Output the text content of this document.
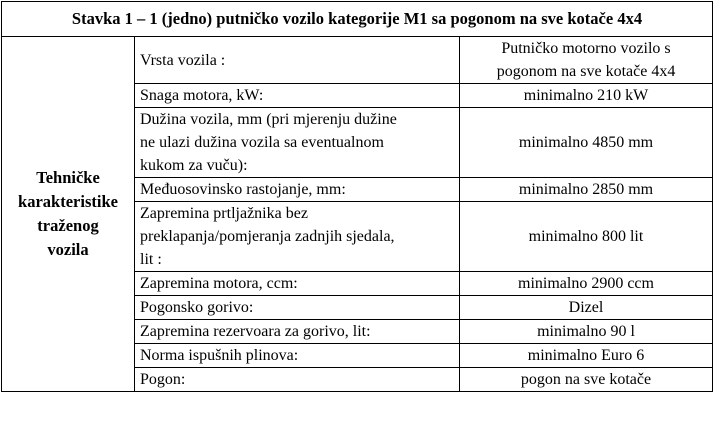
Stavka 1 – 1 (jedno) putničko vozilo kategorije M1 sa pogonom na sve kotače 4x4		
Tehničke
karakteristike
traženog
vozila	Vrsta vozila :	Putničko motorno vozilo s
pogonom na sve kotače 4x4
	Snaga motora, kW:	minimalno 210 kW
	Dužina vozila, mm (pri mjerenju dužine
ne ulazi dužina vozila sa eventualnom
kukom za vuču):	minimalno 4850 mm
	Međuosovinsko rastojanje, mm:	minimalno 2850 mm
	Zapremina prtljažnika bez
preklapanja/pomjeranja zadnjih sjedala,
lit :	minimalno 800 lit
	Zapremina motora, ccm:	minimalno 2900 ccm
	Pogonsko gorivo:	Dizel
	Zapremina rezervoara za gorivo, lit:	minimalno 90 l
	Norma ispušnih plinova:	minimalno Euro 6
	Pogon:	pogon na sve kotače
